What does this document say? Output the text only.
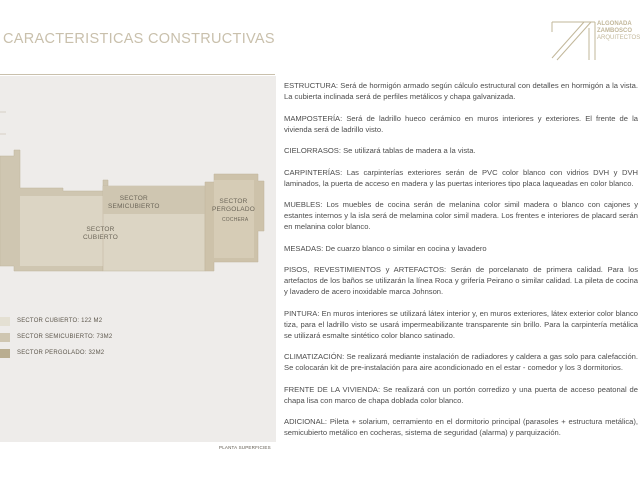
CARACTERISTICAS CONSTRUCTIVAS
ALGONADA
ZAMBOSCO
ARQUITECTOS
SECTOR
SEMICUBIERTO
SECTOR
CUBIERTO
SECTOR
PERGOLADO
COCHERA
PLANTA SUPERFICIES
SECTOR CUBIERTO: 122 M2
SECTOR SEMICUBIERTO: 73M2
SECTOR PERGOLADO: 32M2

ESTRUCTURA: Será de hormigón armado según cálculo estructural con detalles en hormigón a la vista. La cubierta inclinada será de perfiles metálicos y chapa galvanizada.

MAMPOSTERÍA: Será de ladrillo hueco cerámico en muros interiores y exteriores. El frente de la vivienda será de ladrillo visto.

CIELORRASOS: Se utilizará tablas de madera a la vista.

CARPINTERÍAS: Las carpinterías exteriores serán de PVC color blanco con vidrios DVH y DVH laminados, la puerta de acceso en madera y las puertas interiores tipo placa laqueadas en color blanco.

MUEBLES: Los muebles de cocina serán de melanina color simil madera o blanco con cajones y estantes internos y la isla será de melamina color simil madera. Los frentes e interiores de placard serán en melanina color blanco.

MESADAS: De cuarzo blanco o similar en cocina y lavadero

PISOS, REVESTIMIENTOS y ARTEFACTOS: Serán de porcelanato de primera calidad. Para los artefactos de los baños se utilizarán la línea Roca y grifería Peirano o similar calidad. La pileta de cocina y lavadero de acero inoxidable marca Johnson.

PINTURA: En muros interiores se utilizará látex interior y, en muros exteriores, látex exterior color blanco tiza, para el ladrillo visto se usará impermeabilizante transparente sin brillo. Para la carpintería metálica se utilizará esmalte sintético color blanco satinado.

CLIMATIZACIÓN: Se realizará mediante instalación de radiadores y caldera a gas solo para calefacción. Se colocarán kit de pre-instalación para aire acondicionado en el estar - comedor y los 3 dormitorios.

FRENTE DE LA VIVIENDA: Se realizará con un portón corredizo y una puerta de acceso peatonal de chapa lisa con marco de chapa doblada color blanco.

ADICIONAL: Pileta + solarium, cerramiento en el dormitorio principal (parasoles + estructura metálica), semicubierto metálico en cocheras, sistema de seguridad (alarma) y parquización.
